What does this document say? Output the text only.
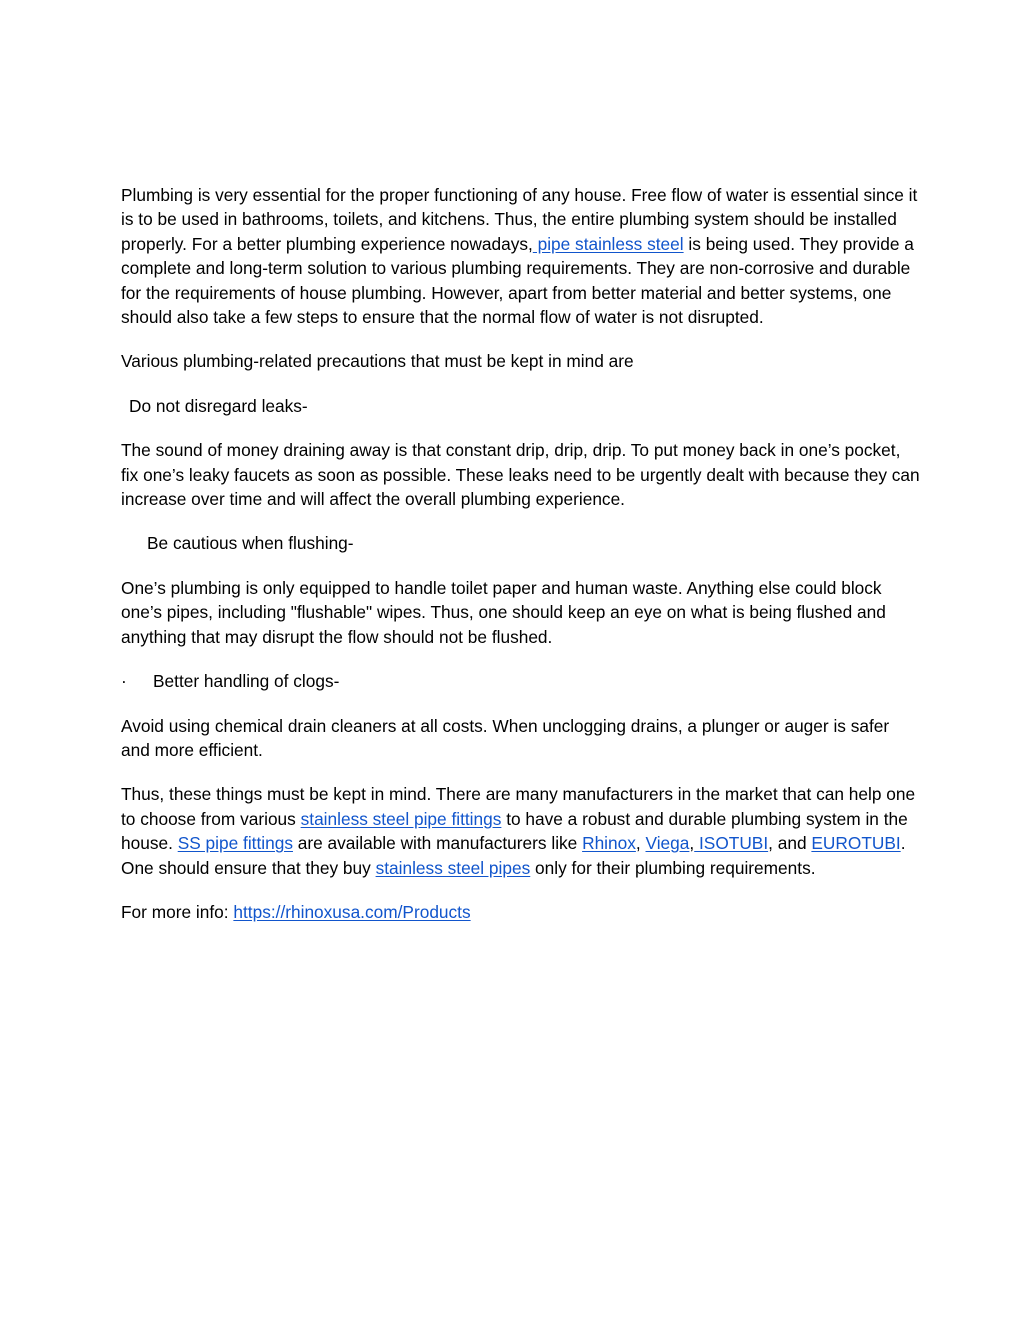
Plumbing is very essential for the proper functioning of any house. Free flow of water is essential since it is to be used in bathrooms, toilets, and kitchens. Thus, the entire plumbing system should be installed properly. For a better plumbing experience nowadays, pipe stainless steel is being used. They provide a complete and long-term solution to various plumbing requirements. They are non-corrosive and durable for the requirements of house plumbing. However, apart from better material and better systems, one should also take a few steps to ensure that the normal flow of water is not disrupted.

Various plumbing-related precautions that must be kept in mind are

Do not disregard leaks-

The sound of money draining away is that constant drip, drip, drip. To put money back in one’s pocket, fix one’s leaky faucets as soon as possible. These leaks need to be urgently dealt with because they can increase over time and will affect the overall plumbing experience.

Be cautious when flushing-

One’s plumbing is only equipped to handle toilet paper and human waste. Anything else could block one’s pipes, including "flushable" wipes. Thus, one should keep an eye on what is being flushed and anything that may disrupt the flow should not be flushed.

·	Better handling of clogs-

Avoid using chemical drain cleaners at all costs. When unclogging drains, a plunger or auger is safer and more efficient.

Thus, these things must be kept in mind. There are many manufacturers in the market that can help one to choose from various stainless steel pipe fittings to have a robust and durable plumbing system in the house. SS pipe fittings are available with manufacturers like Rhinox, Viega, ISOTUBI, and EUROTUBI. One should ensure that they buy stainless steel pipes only for their plumbing requirements.

For more info: https://rhinoxusa.com/Products
